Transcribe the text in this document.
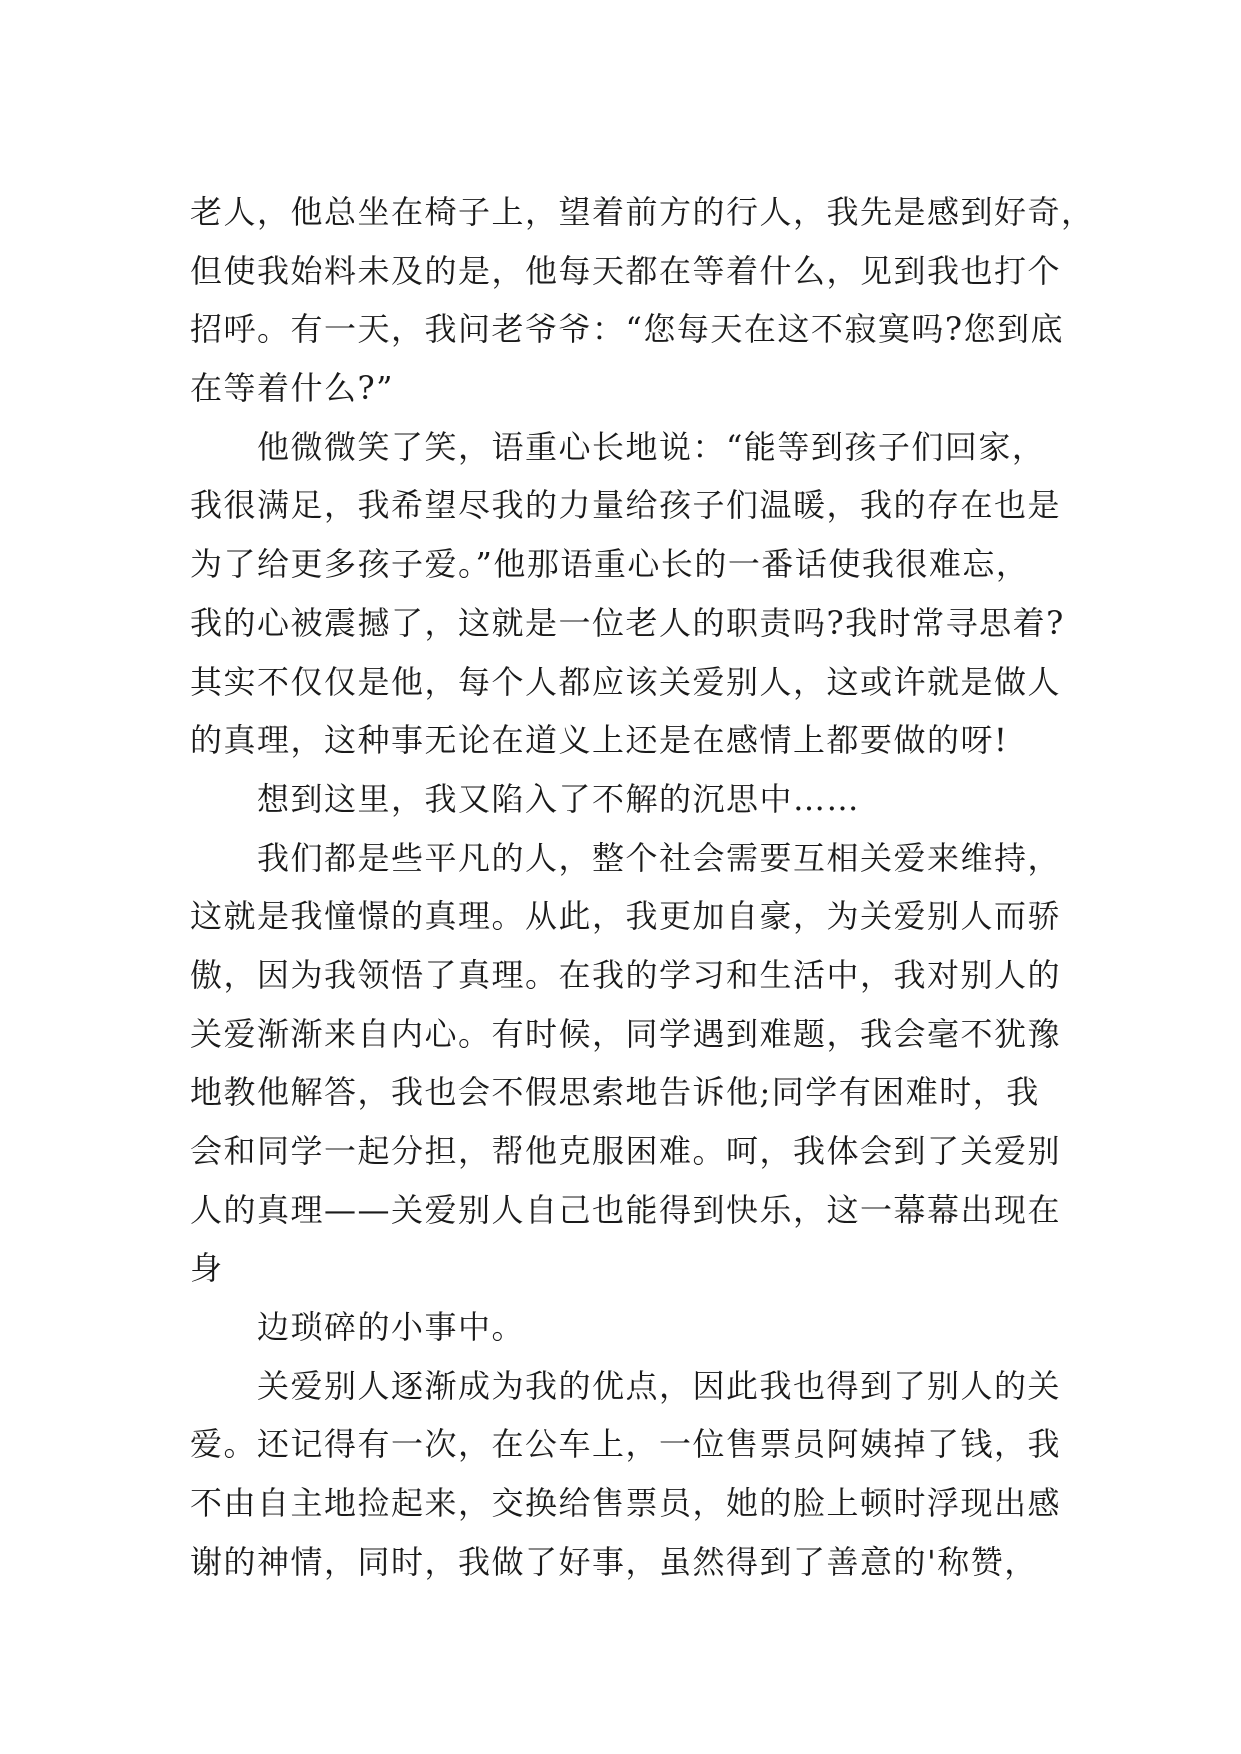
老人，他总坐在椅子上，望着前方的行人，我先是感到好奇，
但使我始料未及的是，他每天都在等着什么，见到我也打个
招呼。有一天，我问老爷爷：“您每天在这不寂寞吗?您到底
在等着什么?”
他微微笑了笑，语重心长地说：“能等到孩子们回家，
我很满足，我希望尽我的力量给孩子们温暖，我的存在也是
为了给更多孩子爱。”他那语重心长的一番话使我很难忘，
我的心被震撼了，这就是一位老人的职责吗?我时常寻思着?
其实不仅仅是他，每个人都应该关爱别人，这或许就是做人
的真理，这种事无论在道义上还是在感情上都要做的呀!
想到这里，我又陷入了不解的沉思中……
我们都是些平凡的人，整个社会需要互相关爱来维持，
这就是我憧憬的真理。从此，我更加自豪，为关爱别人而骄
傲，因为我领悟了真理。在我的学习和生活中，我对别人的
关爱渐渐来自内心。有时候，同学遇到难题，我会毫不犹豫
地教他解答，我也会不假思索地告诉他;同学有困难时，我
会和同学一起分担，帮他克服困难。呵，我体会到了关爱别
人的真理——关爱别人自己也能得到快乐，这一幕幕出现在
身
边琐碎的小事中。
关爱别人逐渐成为我的优点，因此我也得到了别人的关
爱。还记得有一次，在公车上，一位售票员阿姨掉了钱，我
不由自主地捡起来，交换给售票员，她的脸上顿时浮现出感
谢的神情，同时，我做了好事，虽然得到了善意的'称赞，
